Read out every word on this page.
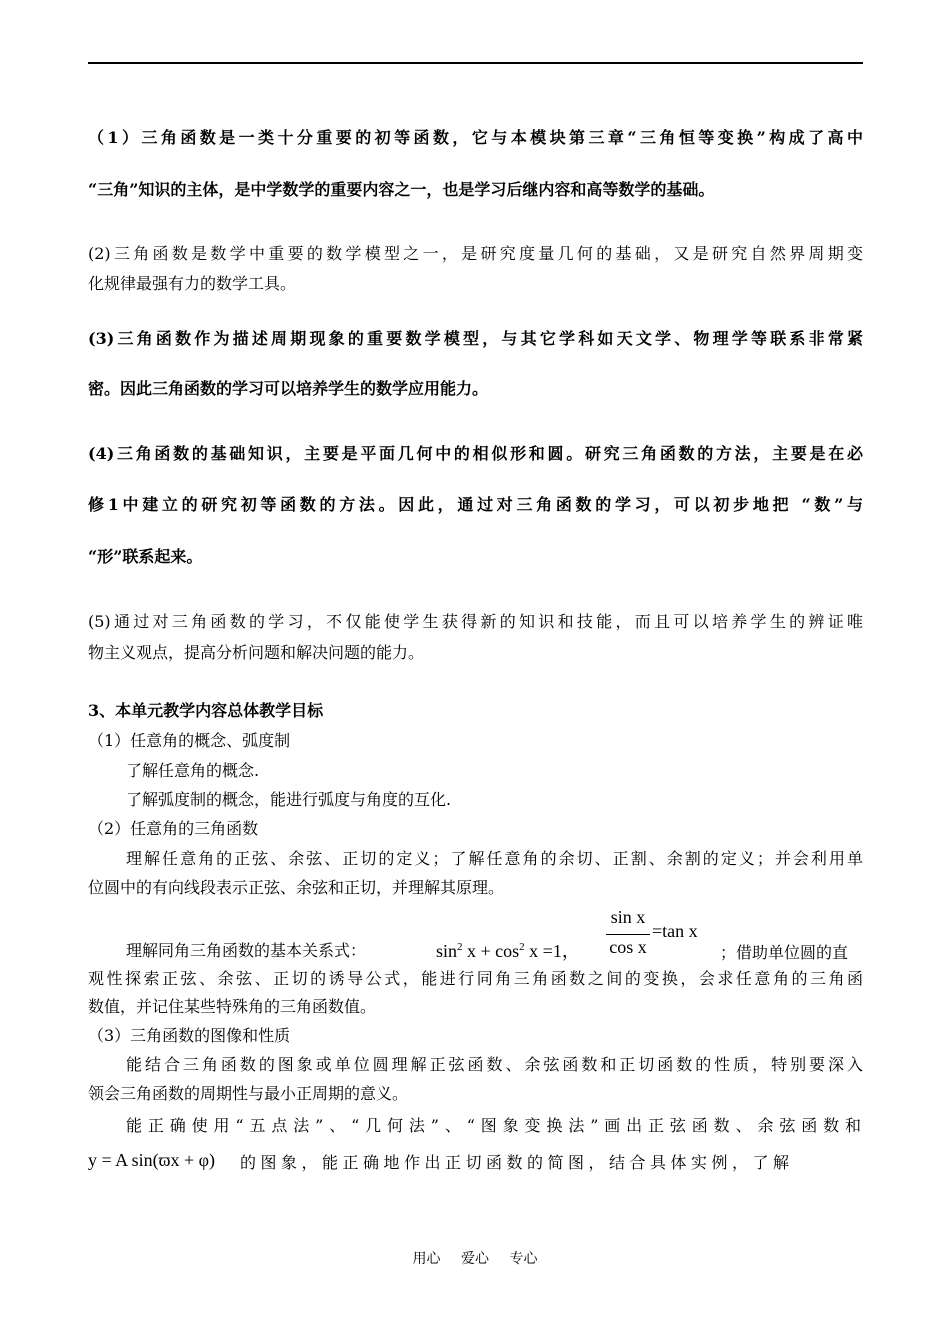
（1）三角函数是一类十分重要的初等函数，它与本模块第三章“三角恒等变换”构成了高中
“三角”知识的主体，是中学数学的重要内容之一，也是学习后继内容和高等数学的基础。
(2)三角函数是数学中重要的数学模型之一，是研究度量几何的基础，又是研究自然界周期变
化规律最强有力的数学工具。
(3)三角函数作为描述周期现象的重要数学模型，与其它学科如天文学、物理学等联系非常紧
密。因此三角函数的学习可以培养学生的数学应用能力。
(4)三角函数的基础知识，主要是平面几何中的相似形和圆。研究三角函数的方法，主要是在必
修1中建立的研究初等函数的方法。因此，通过对三角函数的学习，可以初步地把 “数”与
“形”联系起来。
(5)通过对三角函数的学习，不仅能使学生获得新的知识和技能，而且可以培养学生的辨证唯
物主义观点，提高分析问题和解决问题的能力。
3、本单元教学内容总体教学目标
（1）任意角的概念、弧度制
了解任意角的概念.
了解弧度制的概念，能进行弧度与角度的互化.
（2）任意角的三角函数
理解任意角的正弦、余弦、正切的定义；了解任意角的余切、正割、余割的定义；并会利用单
位圆中的有向线段表示正弦、余弦和正切，并理解其原理。
理解同角三角函数的基本关系式：	$\sin^2 x + \cos^2 x =1$，
sin x
cos x
=tan x
；借助单位圆的直
观性探索正弦、余弦、正切的诱导公式，能进行同角三角函数之间的变换，会求任意角的三角函
数值，并记住某些特殊角的三角函数值。
（3）三角函数的图像和性质
能结合三角函数的图象或单位圆理解正弦函数、余弦函数和正切函数的性质，特别要深入
领会三角函数的周期性与最小正周期的意义。
能正确使用“五点法”、“几何法”、“图象变换法”画出正弦函数、余弦函数和
y = A sin(ϖx + φ) 的图象，能正确地作出正切函数的简图，结合具体实例，了解
用心 爱心 专心
